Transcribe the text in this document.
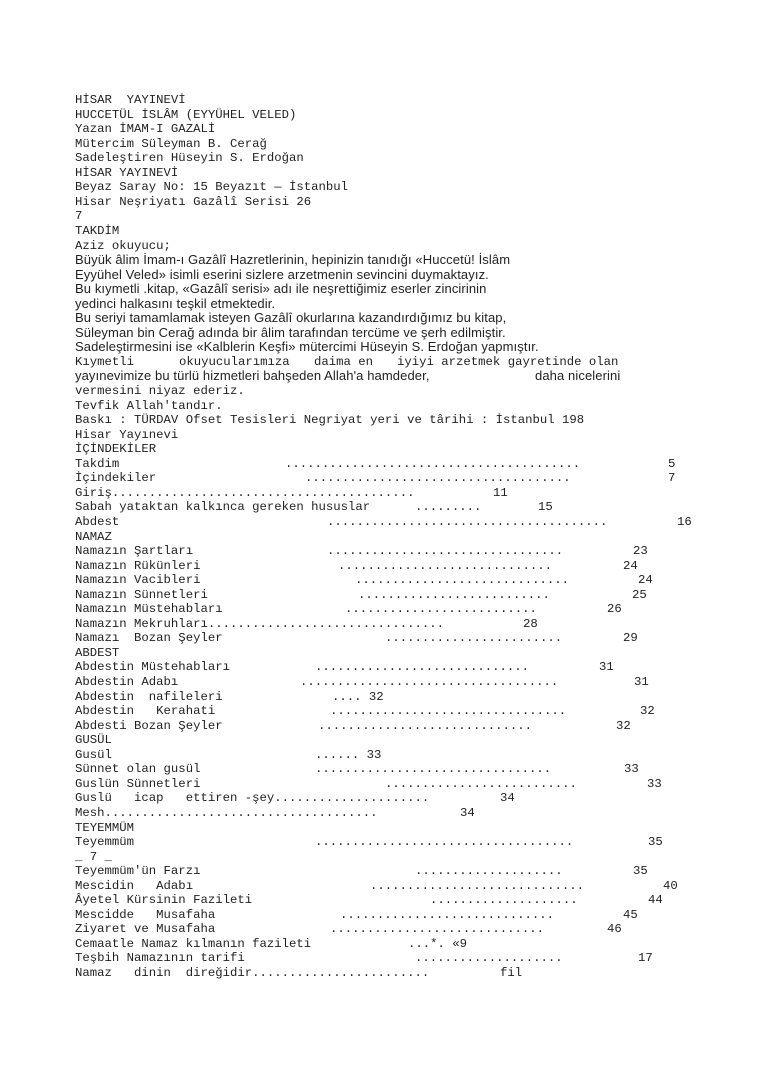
HİSAR  YAYINEVİ
HUCCETÜL İSLÂM (EYYÜHEL VELED)
Yazan İMAM-I GAZALİ
Mütercim Süleyman B. Cerağ
Sadeleştiren Hüseyin S. Erdoğan
HİSAR YAYINEVİ
Beyaz Saray No: 15 Beyazıt — İstanbul
Hisar Neşriyatı Gazâlî Serisi 26
7
TAKDİM
Aziz okuyucu;
Büyük âlim İmam-ı Gazâlî Hazretlerinin, hepinizin tanıdığı «Huccetü! İslâm
Eyyühel Veled» isimli eserini sizlere arzetmenin sevincini duymaktayız.
Bu kıymetli .kitap, «Gazâlî serisi» adı ile neşrettiğimiz eserler zincirinin
yedinci halkasını teşkil etmektedir.
Bu seriyi tamamlamak isteyen Gazâlî okurlarına kazandırdığımız bu kitap,
Süleyman bin Cerağ adında bir âlim tarafından tercüme ve şerh edilmiştir.
Sadeleştirmesini ise «Kalblerin Keşfi» mütercimi Hüseyin S. Erdoğan yapmıştır.
Kıymetli	okuyucularımıza daima en iyiyi arzetmek gayretinde olan
yayınevimize bu türlü hizmetleri bahşeden Allah'a hamdeder,	daha nicelerini
vermesini niyaz ederiz.
Tevfik Allah'tandır.
Baskı : TÜRDAV Ofset Tesisleri Negriyat yeri ve târihi : İstanbul 198
Hisar Yayınevi
İÇİNDEKİLER
Takdim	........................................	5
İçindekiler	....................................	7
Giriş.........................................	11
Sabah yataktan kalkınca gereken hususlar	.........	15
Abdest	......................................	16
NAMAZ
Namazın Şartları	................................	23
Namazın Rükünleri	.............................	24
Namazın Vacibleri	.............................	24
Namazın Sünnetleri	..........................	25
Namazın Müstehabları	..........................	26
Namazın Mekruhları................................	28
Namazı  Bozan Şeyler	........................	29
ABDEST
Abdestin Müstehabları	.............................	31
Abdestin Adabı	...................................	31
Abdestin  nafileleri	.... 32
Abdestin   Kerahati	................................	32
Abdesti Bozan Şeyler	.............................	32
GUSÜL
Gusül	...... 33
Sünnet olan gusül	................................	33
Guslün Sünnetleri	..........................	33
Guslü   icap   ettiren -şey.....................	34
Mesh.....................................	34
TEYEMMÜM
Teyemmüm	...................................	35
_ 7 _
Teyemmüm'ün Farzı	....................	35
Mescidin   Adabı	.............................	40
Âyetel Kürsinin Fazileti	....................	44
Mescidde   Musafaha	.............................	45
Ziyaret ve Musafaha	.............................	46
Cemaatle Namaz kılmanın fazileti	...*. «9
Teşbih Namazının tarifi	....................	17
Namaz   dinin  direğidir........................	fil
